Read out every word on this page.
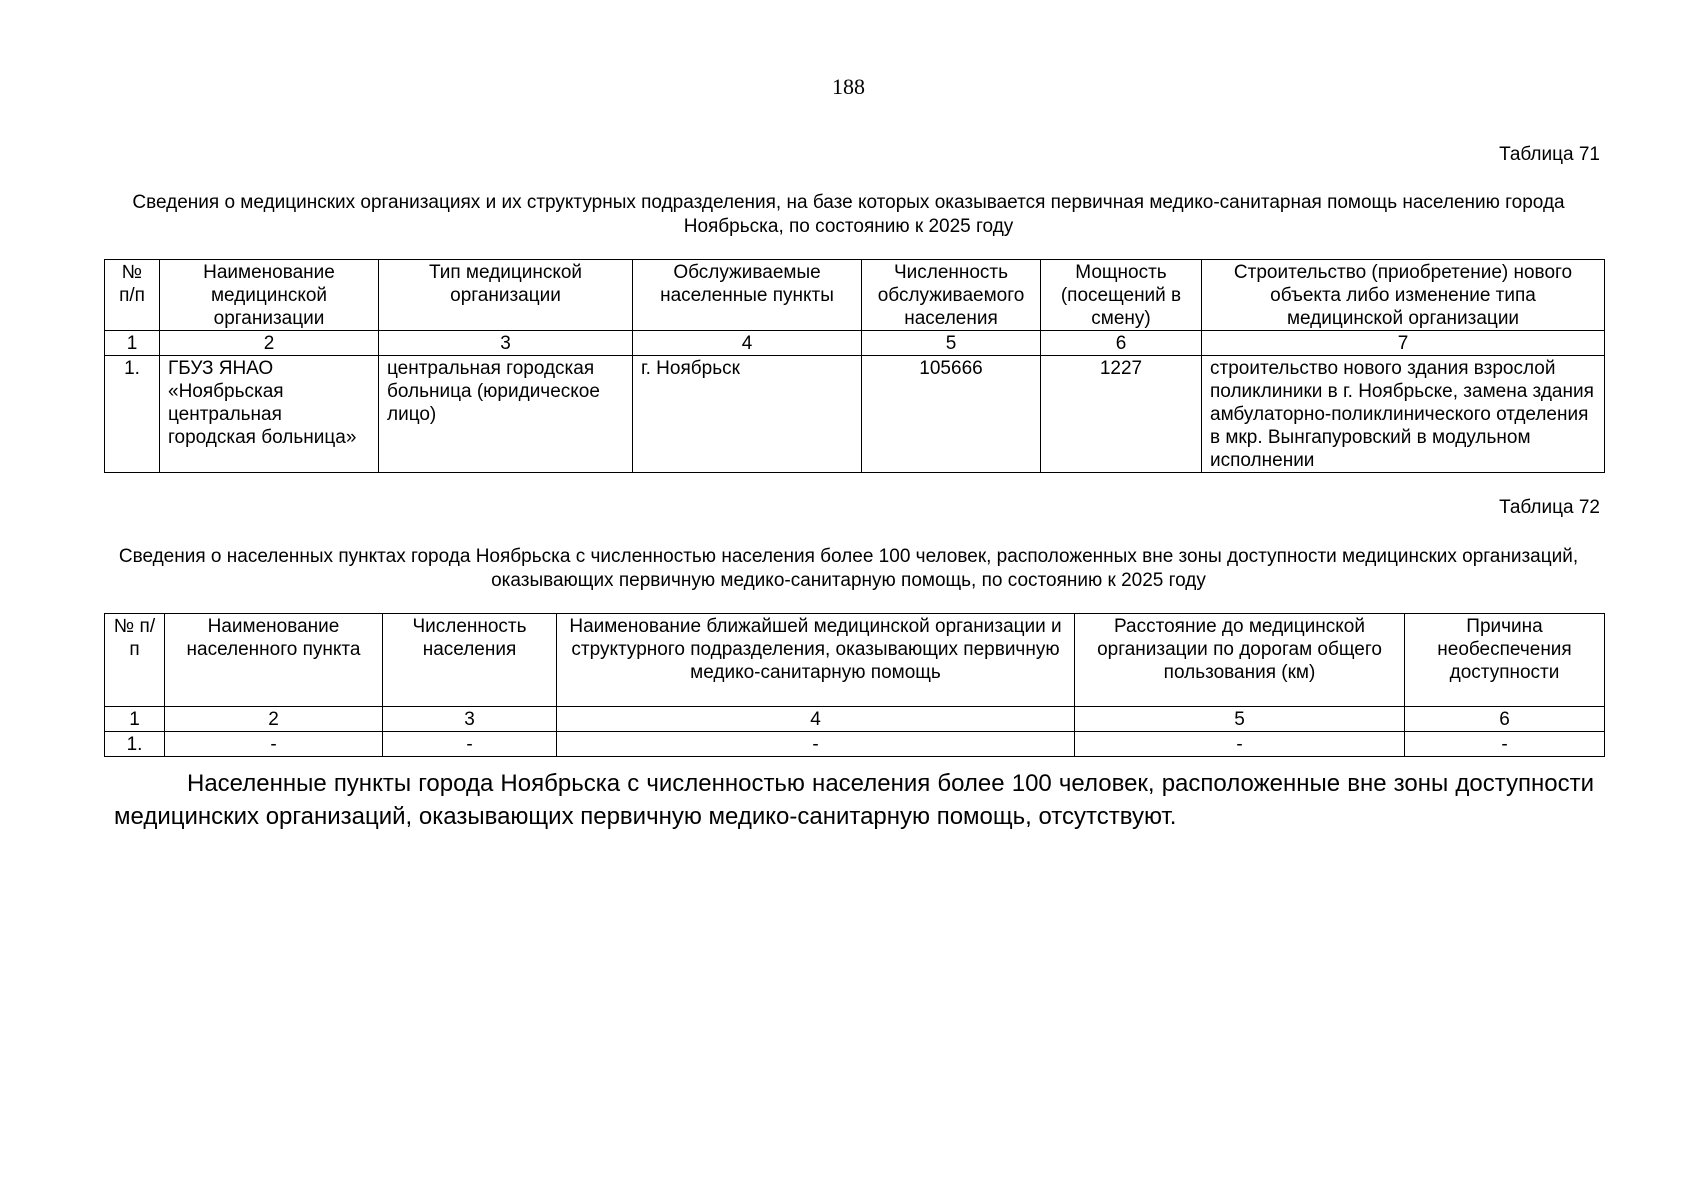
188
Таблица 71
Сведения о медицинских организациях и их структурных подразделения, на базе которых оказывается первичная медико-санитарная помощь населению города Ноябрьска, по состоянию к 2025 году
№ п/п	Наименование медицинской организации	Тип медицинской организации	Обслуживаемые населенные пункты	Численность обслуживаемого населения	Мощность (посещений в смену)	Строительство (приобретение) нового объекта либо изменение типа медицинской организации
1	2	3	4	5	6	7
1.	ГБУЗ ЯНАО «Ноябрьская центральная городская больница»	центральная городская больница (юридическое лицо)	г. Ноябрьск	105666	1227	строительство нового здания взрослой поликлиники в г. Ноябрьске, замена здания амбулаторно-поликлинического отделения в мкр. Вынгапуровский в модульном исполнении
Таблица 72
Сведения о населенных пунктах города Ноябрьска с численностью населения более 100 человек, расположенных вне зоны доступности медицинских организаций, оказывающих первичную медико-санитарную помощь, по состоянию к 2025 году
№ п/п	Наименование населенного пункта	Численность населения	Наименование ближайшей медицинской организации и структурного подразделения, оказывающих первичную медико-санитарную помощь	Расстояние до медицинской организации по дорогам общего пользования (км)	Причина необеспечения доступности
1	2	3	4	5	6
1.	-	-	-	-	-

Населенные пункты города Ноябрьска с численностью населения более 100 человек, расположенные вне зоны доступности медицинских организаций, оказывающих первичную медико-санитарную помощь, отсутствуют.
